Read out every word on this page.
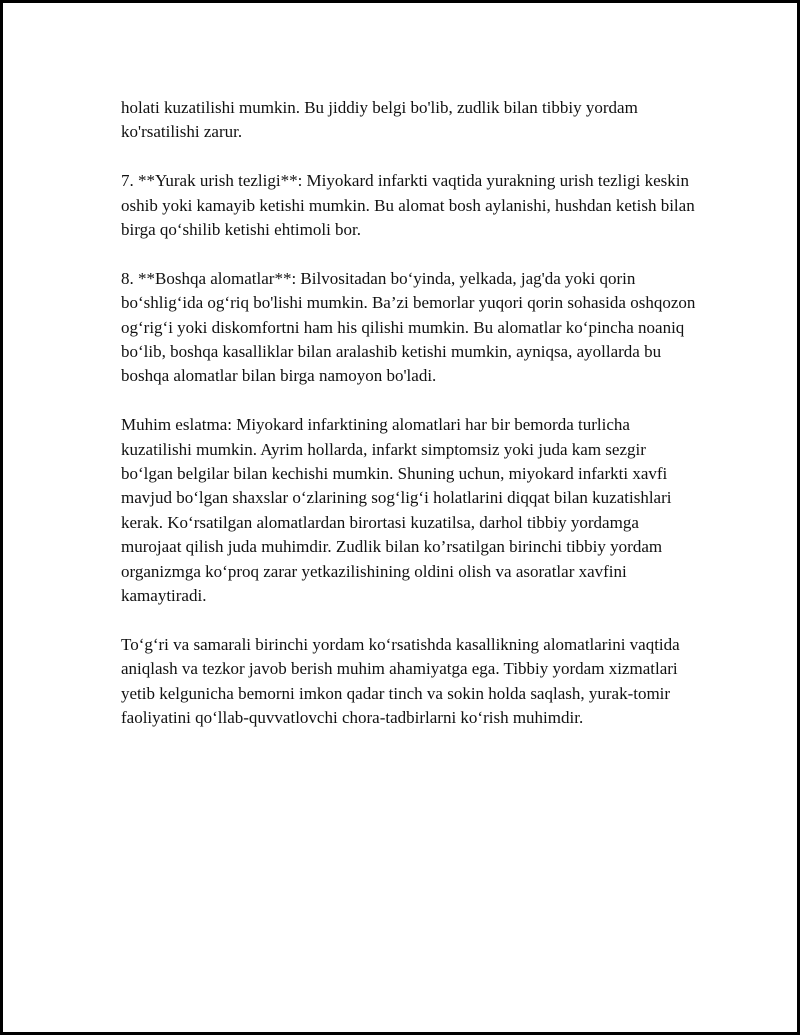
holati kuzatilishi mumkin. Bu jiddiy belgi bo'lib, zudlik bilan tibbiy yordam ko'rsatilishi zarur.

7. **Yurak urish tezligi**: Miyokard infarkti vaqtida yurakning urish tezligi keskin oshib yoki kamayib ketishi mumkin. Bu alomat bosh aylanishi, hushdan ketish bilan birga qo‘shilib ketishi ehtimoli bor.

8. **Boshqa alomatlar**: Bilvositadan bo‘yinda, yelkada, jag'da yoki qorin bo‘shlig‘ida og‘riq bo'lishi mumkin. Ba’zi bemorlar yuqori qorin sohasida oshqozon og‘rig‘i yoki diskomfortni ham his qilishi mumkin. Bu alomatlar ko‘pincha noaniq bo‘lib, boshqa kasalliklar bilan aralashib ketishi mumkin, ayniqsa, ayollarda bu boshqa alomatlar bilan birga namoyon bo'ladi.

Muhim eslatma: Miyokard infarktining alomatlari har bir bemorda turlicha kuzatilishi mumkin. Ayrim hollarda, infarkt simptomsiz yoki juda kam sezgir bo‘lgan belgilar bilan kechishi mumkin. Shuning uchun, miyokard infarkti xavfi mavjud bo‘lgan shaxslar o‘zlarining sog‘lig‘i holatlarini diqqat bilan kuzatishlari kerak. Ko‘rsatilgan alomatlardan birortasi kuzatilsa, darhol tibbiy yordamga murojaat qilish juda muhimdir. Zudlik bilan ko’rsatilgan birinchi tibbiy yordam organizmga ko‘proq zarar yetkazilishining oldini olish va asoratlar xavfini kamaytiradi.

To‘g‘ri va samarali birinchi yordam ko‘rsatishda kasallikning alomatlarini vaqtida aniqlash va tezkor javob berish muhim ahamiyatga ega. Tibbiy yordam xizmatlari yetib kelgunicha bemorni imkon qadar tinch va sokin holda saqlash, yurak-tomir faoliyatini qo‘llab-quvvatlovchi chora-tadbirlarni ko‘rish muhimdir.
